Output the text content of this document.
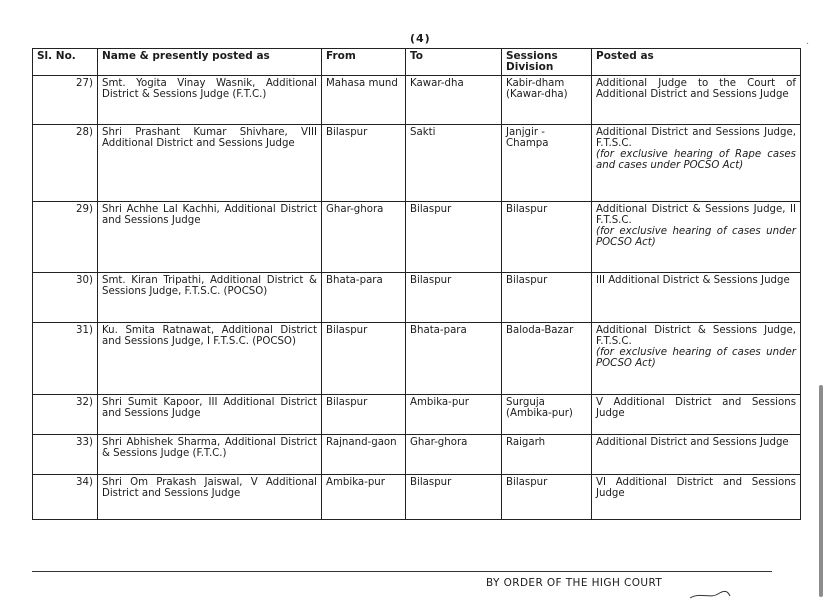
(4)	.
Sl. No.	Name & presently posted as	From	To	Sessions Division	Posted as
27)	Smt. Yogita Vinay Wasnik, Additional District & Sessions Judge (F.T.C.)	Mahasa mund	Kawar-dha	Kabir-dham (Kawar-dha)	Additional Judge to the Court of Additional District and Sessions Judge

28)	Shri Prashant Kumar Shivhare, VIII Additional District and Sessions Judge	Bilaspur	Sakti	Janjgir - Champa	Additional District and Sessions Judge, F.T.S.C.
(for exclusive hearing of Rape cases and cases under POCSO Act)

29)	Shri Achhe Lal Kachhi, Additional District and Sessions Judge	Ghar-ghora	Bilaspur	Bilaspur	Additional District & Sessions Judge, II F.T.S.C.
(for exclusive hearing of cases under POCSO Act)

30)	Smt. Kiran Tripathi, Additional District & Sessions Judge, F.T.S.C. (POCSO)	Bhata-para	Bilaspur	Bilaspur	III Additional District & Sessions Judge

31)	Ku. Smita Ratnawat, Additional District and Sessions Judge, I F.T.S.C. (POCSO)	Bilaspur	Bhata-para	Baloda-Bazar	Additional District & Sessions Judge, F.T.S.C.
(for exclusive hearing of cases under POCSO Act)

32)	Shri Sumit Kapoor, III Additional District and Sessions Judge	Bilaspur	Ambika-pur	Surguja (Ambika-pur)	V Additional District and Sessions Judge

33)	Shri Abhishek Sharma, Additional District & Sessions Judge (F.T.C.)	Rajnand-gaon	Ghar-ghora	Raigarh	Additional District and Sessions Judge

34)	Shri Om Prakash Jaiswal, V Additional District and Sessions Judge	Ambika-pur	Bilaspur	Bilaspur	VI Additional District and Sessions Judge
BY ORDER OF THE HIGH COURT
